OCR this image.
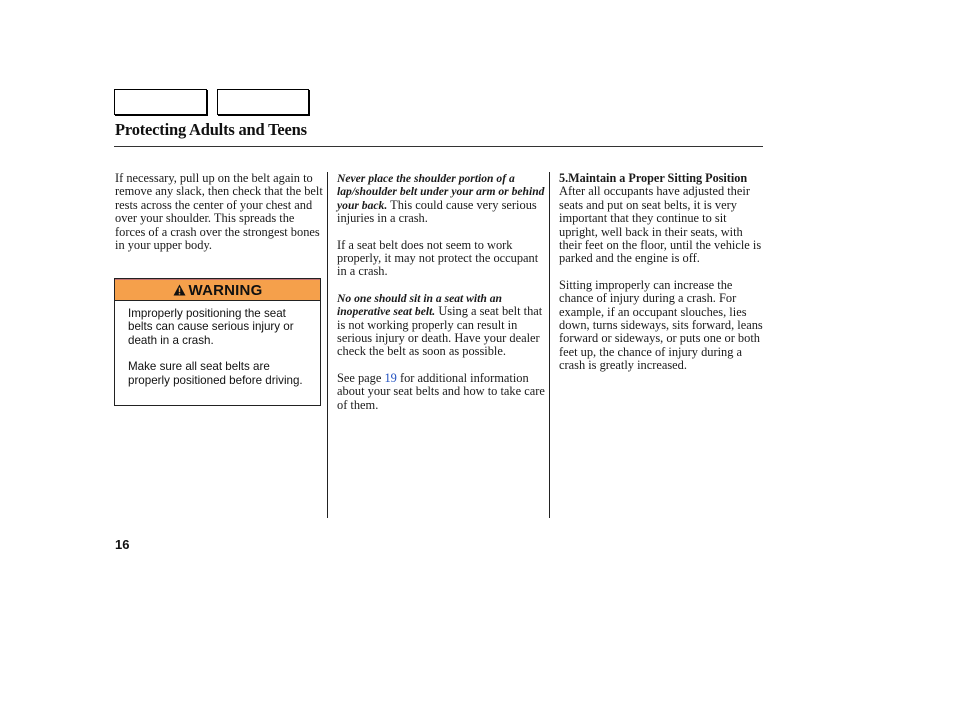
Protecting Adults and Teens

If necessary, pull up on the belt again to remove any slack, then check that the belt rests across the center of your chest and over your shoulder. This spreads the forces of a crash over the strongest bones in your upper body.

WARNING

Improperly positioning the seat belts can cause serious injury or death in a crash.

Make sure all seat belts are properly positioned before driving.

Never place the shoulder portion of a lap/shoulder belt under your arm or behind your back. This could cause very serious injuries in a crash.

If a seat belt does not seem to work properly, it may not protect the occupant in a crash.

No one should sit in a seat with an inoperative seat belt. Using a seat belt that is not working properly can result in serious injury or death. Have your dealer check the belt as soon as possible.

See page 19 for additional information about your seat belts and how to take care of them.

5.Maintain a Proper Sitting Position

After all occupants have adjusted their seats and put on seat belts, it is very important that they continue to sit upright, well back in their seats, with their feet on the floor, until the vehicle is parked and the engine is off.

Sitting improperly can increase the chance of injury during a crash. For example, if an occupant slouches, lies down, turns sideways, sits forward, leans forward or sideways, or puts one or both feet up, the chance of injury during a crash is greatly increased.

16
